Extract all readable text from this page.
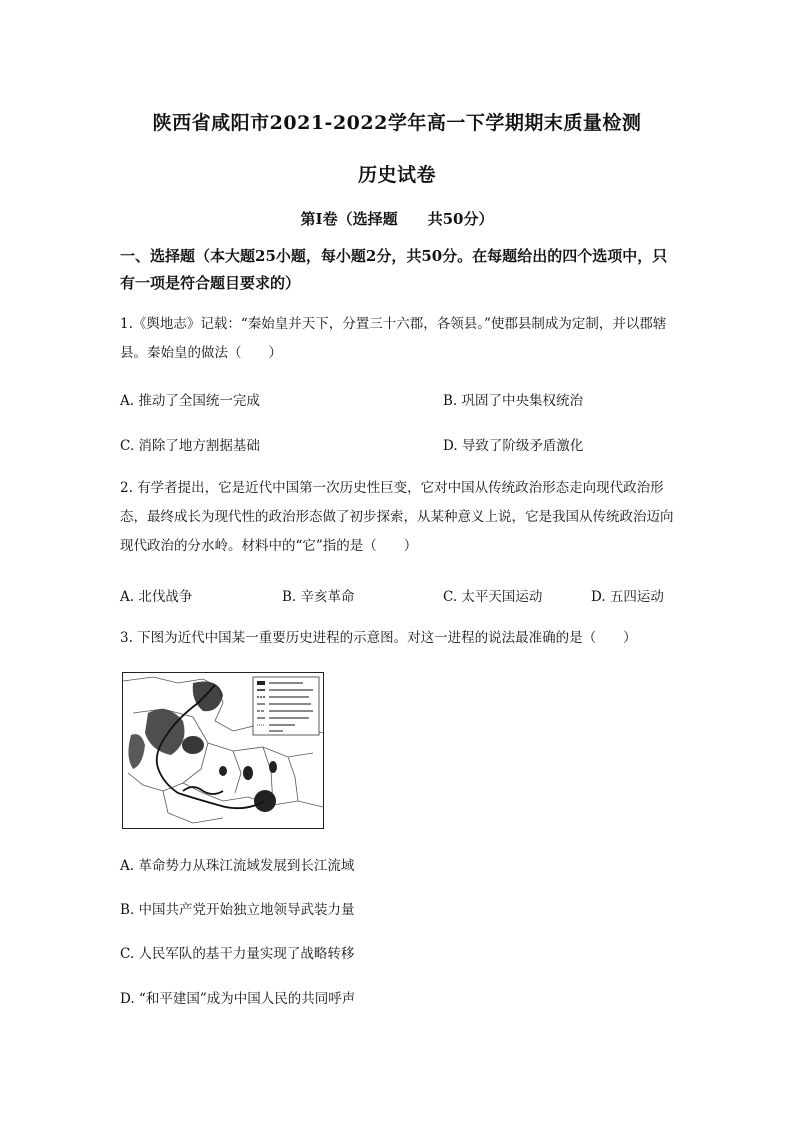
陕西省咸阳市2021-2022学年高一下学期期末质量检测
历史试卷
第Ⅰ卷（选择题　　共50分）
一、选择题（本大题25小题，每小题2分，共50分。在每题给出的四个选项中，只有一项是符合题目要求的）
1.《舆地志》记载：“秦始皇并天下，分置三十六郡，各领县。”使郡县制成为定制，并以郡辖县。秦始皇的做法（　　）
A. 推动了全国统一完成	B. 巩固了中央集权统治
C. 消除了地方割据基础	D. 导致了阶级矛盾激化
2. 有学者提出，它是近代中国第一次历史性巨变，它对中国从传统政治形态走向现代政治形态，最终成长为现代性的政治形态做了初步探索，从某种意义上说，它是我国从传统政治迈向现代政治的分水岭。材料中的“它”指的是（　　）
A. 北伐战争	B. 辛亥革命	C. 太平天国运动	D. 五四运动
3. 下图为近代中国某一重要历史进程的示意图。对这一进程的说法最准确的是（　　）
A. 革命势力从珠江流域发展到长江流域
B. 中国共产党开始独立地领导武装力量
C. 人民军队的基干力量实现了战略转移
D. “和平建国”成为中国人民的共同呼声
